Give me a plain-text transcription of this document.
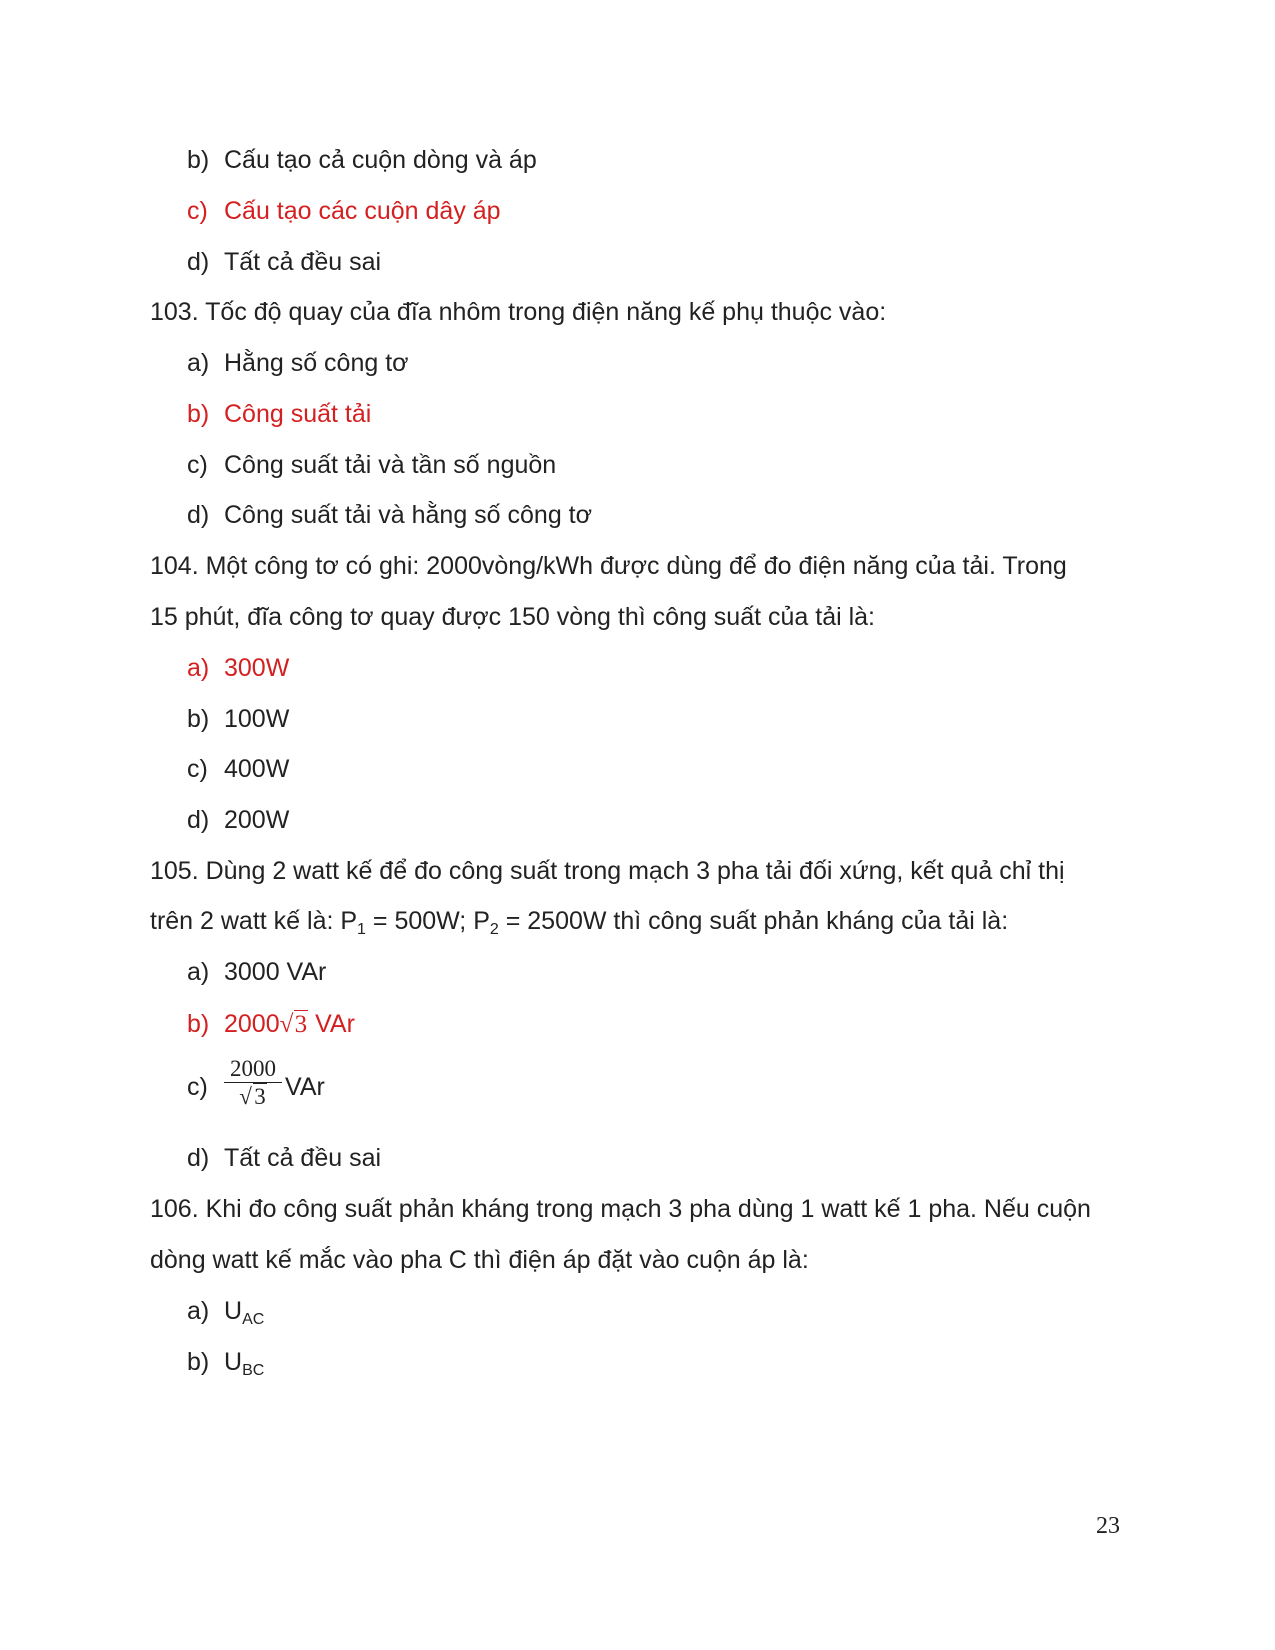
b) Cấu tạo cả cuộn dòng và áp
c) Cấu tạo các cuộn dây áp
d) Tất cả đều sai
103. Tốc độ quay của đĩa nhôm trong điện năng kế phụ thuộc vào:
a) Hằng số công tơ
b) Công suất tải
c) Công suất tải và tần số nguồn
d) Công suất tải và hằng số công tơ
104. Một công tơ có ghi: 2000vòng/kWh được dùng để đo điện năng của tải. Trong
15 phút, đĩa công tơ quay được 150 vòng thì công suất của tải là:
a) 300W
b) 100W
c) 400W
d) 200W
105. Dùng 2 watt kế để đo công suất trong mạch 3 pha tải đối xứng, kết quả chỉ thị
trên 2 watt kế là: $P_1 = 500W$; $P_2 = 2500W$ thì công suất phản kháng của tải là:
a) 3000 VAr
b) 2000 √ 3 VAr
$c) \frac{2000}{√ 3}$ VAr
d) Tất cả đều sai
106. Khi đo công suất phản kháng trong mạch 3 pha dùng 1 watt kế 1 pha. Nếu cuộn
dòng watt kế mắc vào pha C thì điện áp đặt vào cuộn áp là:
a) $U_{AC}$
b) $U_{BC}$
23
